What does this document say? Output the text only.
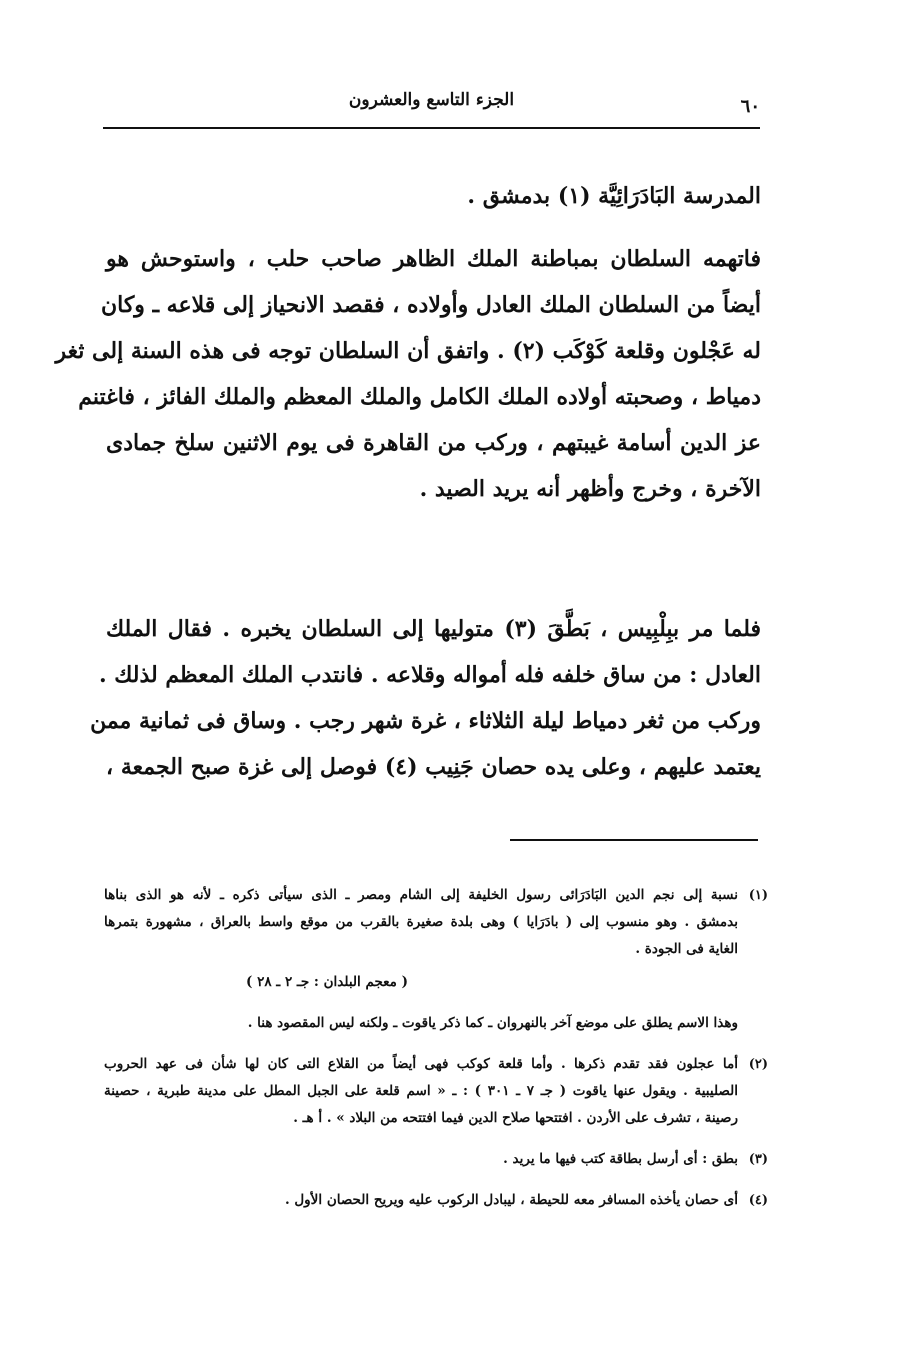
٦٠
الجزء التاسع والعشرون
المدرسة البَادَرَائِيَّة (١) بدمشق .
فاتهمه السلطان بمباطنة الملك الظاهر صاحب حلب ، واستوحش هو
أيضاً من السلطان الملك العادل وأولاده ، فقصد الانحياز إلى قلاعه ـ وكان
له عَجْلون وقلعة كَوْكَب (٢) . واتفق أن السلطان توجه فى هذه السنة إلى ثغر
دمياط ، وصحبته أولاده الملك الكامل والملك المعظم والملك الفائز ، فاغتنم
عز الدين أسامة غيبتهم ، وركب من القاهرة فى يوم الاثنين سلخ جمادى
الآخرة ، وخرج وأظهر أنه يريد الصيد .
فلما مر ببِلْبِيس ، بَطَّقَ (٣) متوليها إلى السلطان يخبره . فقال الملك
العادل : من ساق خلفه فله أمواله وقلاعه . فانتدب الملك المعظم لذلك .
وركب من ثغر دمياط ليلة الثلاثاء ، غرة شهر رجب . وساق فى ثمانية ممن
يعتمد عليهم ، وعلى يده حصان جَنِيب (٤) فوصل إلى غزة صبح الجمعة ،
(١)
نسبة إلى نجم الدين البَادَرَائى رسول الخليفة إلى الشام ومصر ـ الذى سيأتى ذكره ـ لأنه هو الذى بناها
بدمشق . وهو منسوب إلى ( بادَرَايا ) وهى بلدة صغيرة بالقرب من موقع واسط بالعراق ، مشهورة بتمرها
الغاية فى الجودة .
( معجم البلدان : جـ ٢ ـ ٢٨ )
وهذا الاسم يطلق على موضع آخر بالنهروان ـ كما ذكر ياقوت ـ ولكنه ليس المقصود هنا .
(٢)
أما عجلون فقد تقدم ذكرها . وأما قلعة كوكب فهى أيضاً من القلاع التى كان لها شأن فى عهد الحروب
الصليبية . ويقول عنها ياقوت ( جـ ٧ ـ ٣٠١ ) : ـ « اسم قلعة على الجبل المطل على مدينة طبرية ، حصينة
رصينة ، تشرف على الأردن . افتتحها صلاح الدين فيما افتتحه من البلاد » . أ هـ .
(٣)
بطق : أى أرسل بطاقة كتب فيها ما يريد .
(٤)
أى حصان يأخذه المسافر معه للحيطة ، ليبادل الركوب عليه ويريح الحصان الأول .
